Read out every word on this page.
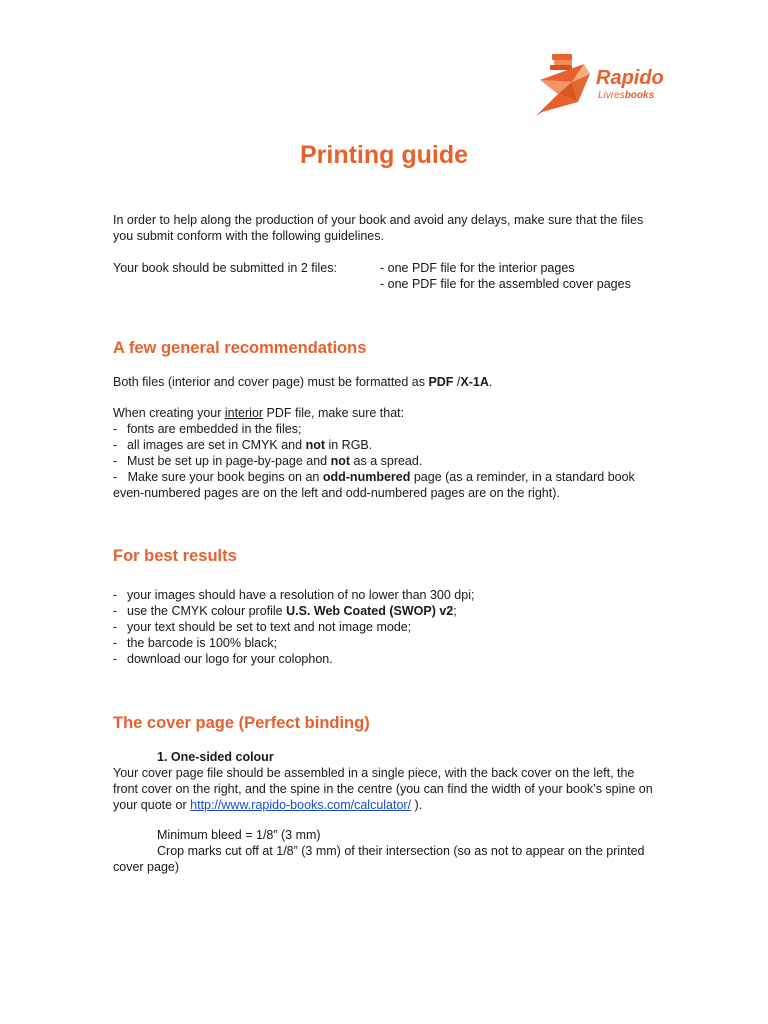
Rapido
Livresbooks
Printing guide

In order to help along the production of your book and avoid any delays, make sure that the files you submit conform with the following guidelines.

Your book should be submitted in 2 files:	- one PDF file for the interior pages
- one PDF file for the assembled cover pages
A few general recommendations

Both files (interior and cover page) must be formatted as PDF /X-1A.

When creating your interior PDF file, make sure that:

- fonts are embedded in the files;
- all images are set in CMYK and not in RGB.
- Must be set up in page-by-page and not as a spread.

-   Make sure your book begins on an odd-numbered page (as a reminder, in a standard book even-numbered pages are on the left and odd-numbered pages are on the right).

For best results
- your images should have a resolution of no lower than 300 dpi;
- use the CMYK colour profile U.S. Web Coated (SWOP) v2;
- your text should be set to text and not image mode;
- the barcode is 100% black;
- download our logo for your colophon.
The cover page (Perfect binding)
1. One-sided colour

Your cover page file should be assembled in a single piece, with the back cover on the left, the front cover on the right, and the spine in the centre (you can find the width of your book’s spine on your quote or http://www.rapido-books.com/calculator/ ).

Minimum bleed = 1/8” (3 mm)

Crop marks cut off at 1/8” (3 mm) of their intersection (so as not to appear on the printed cover page)
